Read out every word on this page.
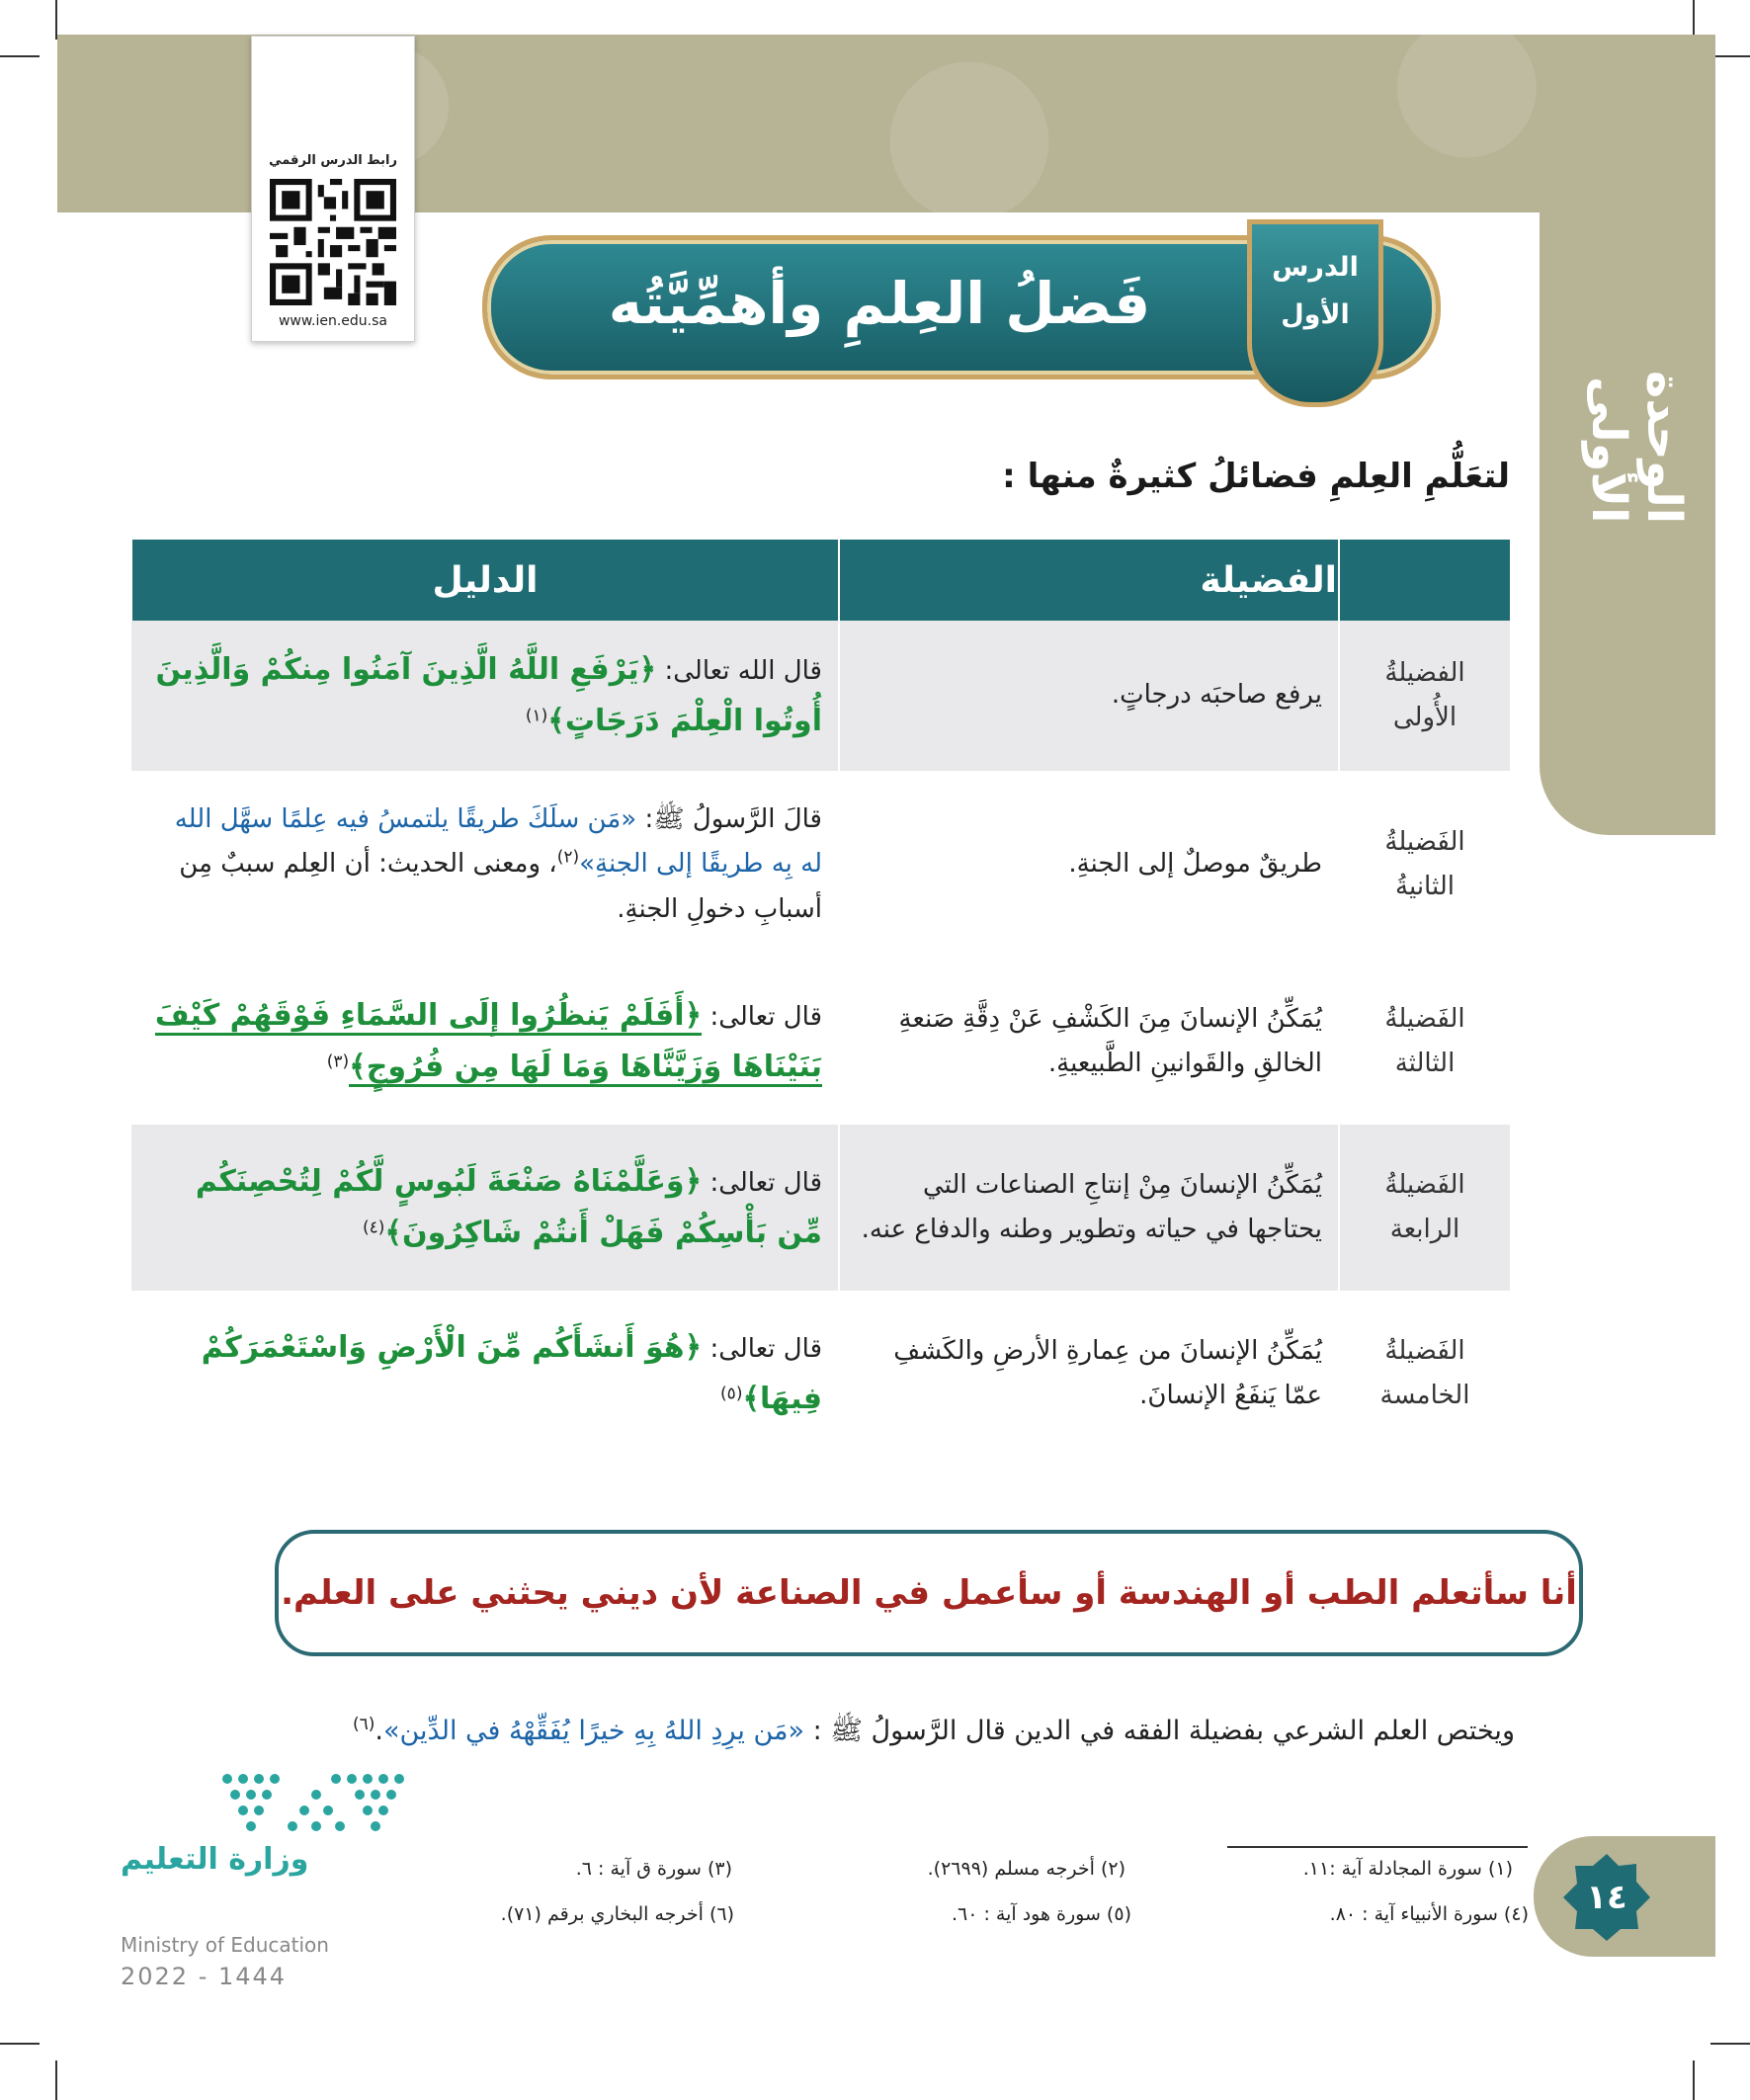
الوحدة الأولى
رابط الدرس الرقمي
www.ien.edu.sa	فَضلُ العِلمِ وأهمِّيَّتُه
الدرس
الأول
لتعَلُّمِ العِلمِ فضائلُ كثيرةٌ منها :
	الفضيلة	الدليل
الفضيلةُ
الأُولى	يرفع صاحبَه درجاتٍ.	قال الله تعالى: ﴿يَرْفَعِ اللَّهُ الَّذِينَ آمَنُوا مِنكُمْ وَالَّذِينَ أُوتُوا الْعِلْمَ دَرَجَاتٍ﴾$^{(١)}$
الفَضيلةُ
الثانيةُ	طريقٌ موصلٌ إلى الجنةِ.	قالَ الرَّسولُ ﷺ: «مَن سلَكَ طريقًا يلتمسُ فيه عِلمًا سهَّل الله له بِه طريقًا إلى الجنةِ»$^{(٢)}$، ومعنى الحديث: أن العِلم سببٌ مِن أسبابِ دخولِ الجنةِ.
الفَضيلةُ
الثالثة	يُمَكِّنُ الإنسانَ مِنَ الكَشْفِ عَنْ دِقَّةِ صَنعةِ الخالقِ والقَوانينِ الطَّبيعيةِ.	قال تعالى: ﴿أَفَلَمْ يَنظُرُوا إِلَى السَّمَاءِ فَوْقَهُمْ كَيْفَ بَنَيْنَاهَا وَزَيَّنَّاهَا وَمَا لَهَا مِن فُرُوجٍ﴾$^{(٣)}$
الفَضيلةُ
الرابعة	يُمَكِّنُ الإنسانَ مِنْ إنتاجِ الصناعات التي يحتاجها في حياته وتطوير وطنه والدفاع عنه.	قال تعالى: ﴿وَعَلَّمْنَاهُ صَنْعَةَ لَبُوسٍ لَّكُمْ لِتُحْصِنَكُم مِّن بَأْسِكُمْ فَهَلْ أَنتُمْ شَاكِرُونَ﴾$^{(٤)}$
الفَضيلةُ
الخامسة	يُمَكِّنُ الإنسانَ من عِمارةِ الأرضِ والكَشفِ عمّا يَنفَعُ الإنسانَ.	قال تعالى: ﴿هُوَ أَنشَأَكُم مِّنَ الْأَرْضِ وَاسْتَعْمَرَكُمْ فِيهَا﴾$^{(٥)}$
أنا سأتعلم الطب أو الهندسة أو سأعمل في الصناعة لأن ديني يحثني على العلم.
ويختص العلم الشرعي بفضيلة الفقه في الدين قال الرَّسولُ ﷺ : «مَن يرِدِ اللهُ بِهِ خيرًا يُفَقِّهْهُ في الدِّين».$^{(٦)}$
(١) سورة المجادلة آية :١١.
(٢) أخرجه مسلم (٢٦٩٩).
(٣) سورة ق آية : ٦.
(٤) سورة الأنبياء آية : ٨٠.
(٥) سورة هود آية : ٦٠.
(٦) أخرجه البخاري برقم (٧١).	١٤
وزارة التعليم
Ministry of Education
2022 - 1444
